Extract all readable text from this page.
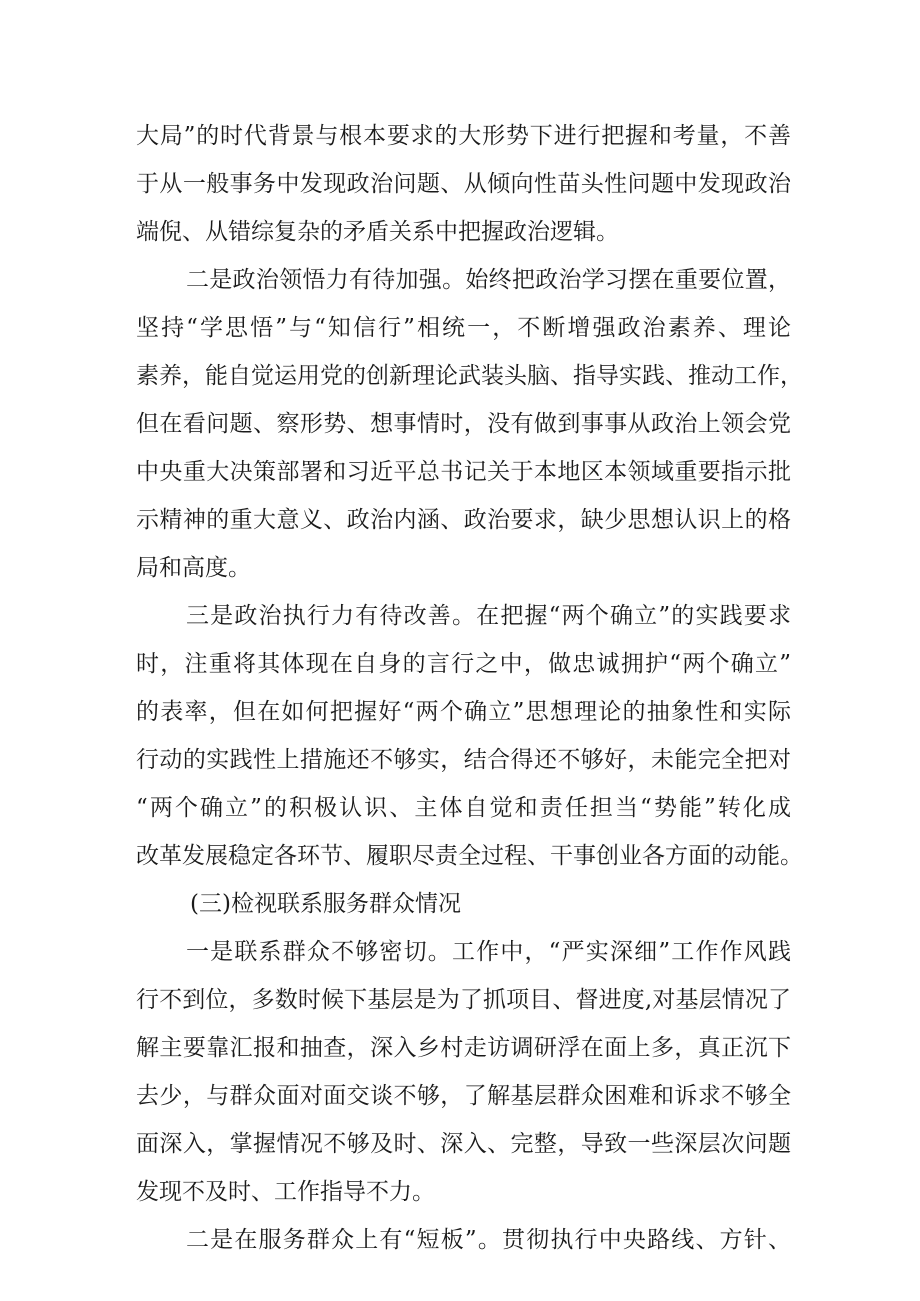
大局”的时代背景与根本要求的大形势下进行把握和考量，不善
于从一般事务中发现政治问题、从倾向性苗头性问题中发现政治
端倪、从错综复杂的矛盾关系中把握政治逻辑。
二是政治领悟力有待加强。始终把政治学习摆在重要位置，
坚持“学思悟”与“知信行”相统一，不断增强政治素养、理论
素养，能自觉运用党的创新理论武装头脑、指导实践、推动工作，
但在看问题、察形势、想事情时，没有做到事事从政治上领会党
中央重大决策部署和习近平总书记关于本地区本领域重要指示批
示精神的重大意义、政治内涵、政治要求，缺少思想认识上的格
局和高度。
三是政治执行力有待改善。在把握“两个确立”的实践要求
时，注重将其体现在自身的言行之中，做忠诚拥护“两个确立”
的表率，但在如何把握好“两个确立”思想理论的抽象性和实际
行动的实践性上措施还不够实，结合得还不够好，未能完全把对
“两个确立”的积极认识、主体自觉和责任担当“势能”转化成
改革发展稳定各环节、履职尽责全过程、干事创业各方面的动能。
(三)检视联系服务群众情况
一是联系群众不够密切。工作中，“严实深细”工作作风践
行不到位，多数时候下基层是为了抓项目、督进度,对基层情况了
解主要靠汇报和抽查，深入乡村走访调研浮在面上多，真正沉下
去少，与群众面对面交谈不够，了解基层群众困难和诉求不够全
面深入，掌握情况不够及时、深入、完整，导致一些深层次问题
发现不及时、工作指导不力。
二是在服务群众上有“短板”。贯彻执行中央路线、方针、
